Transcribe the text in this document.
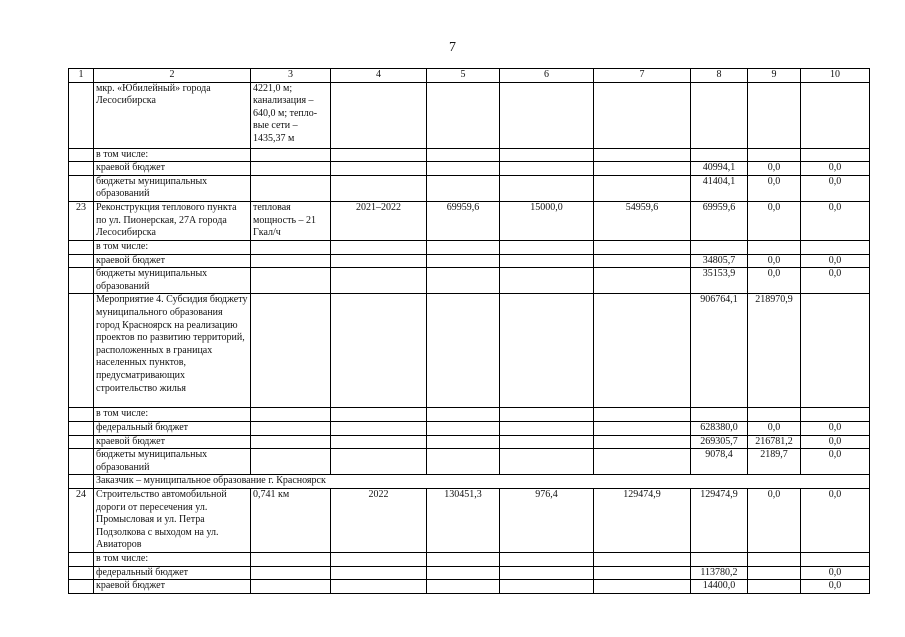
7
1	2	3	4	5	6	7	8	9	10
	мкр. «Юбилейный» города Лесосибирска	4221,0 м; канализация – 640,0 м; тепло-вые сети – 1435,37 м							
	в том числе:								
	краевой бюджет						40994,1	0,0	0,0
	бюджеты муниципальных образований						41404,1	0,0	0,0
23	Реконструкция теплового пункта по ул. Пионерская, 27А города Лесосибирска	тепловая мощность – 21 Гкал/ч	2021–2022	69959,6	15000,0	54959,6	69959,6	0,0	0,0
	в том числе:								
	краевой бюджет						34805,7	0,0	0,0
	бюджеты муниципальных образований						35153,9	0,0	0,0
	Мероприятие 4. Субсидия бюджету муниципального образования город Красноярск на реализацию проектов по развитию территорий, расположенных в границах населенных пунктов, предусматривающих строительство жилья						906764,1	218970,9	
	в том числе:								
	федеральный бюджет						628380,0	0,0	0,0
	краевой бюджет						269305,7	216781,2	0,0
	бюджеты муниципальных образований						9078,4	2189,7	0,0
	Заказчик – муниципальное образование г. Красноярск								
24	Строительство автомобильной дороги от пересечения ул. Промысловая и ул. Петра Подзолкова с выходом на ул. Авиаторов	0,741 км	2022	130451,3	976,4	129474,9	129474,9	0,0	0,0
	в том числе:								
	федеральный бюджет						113780,2		0,0
	краевой бюджет						14400,0		0,0
